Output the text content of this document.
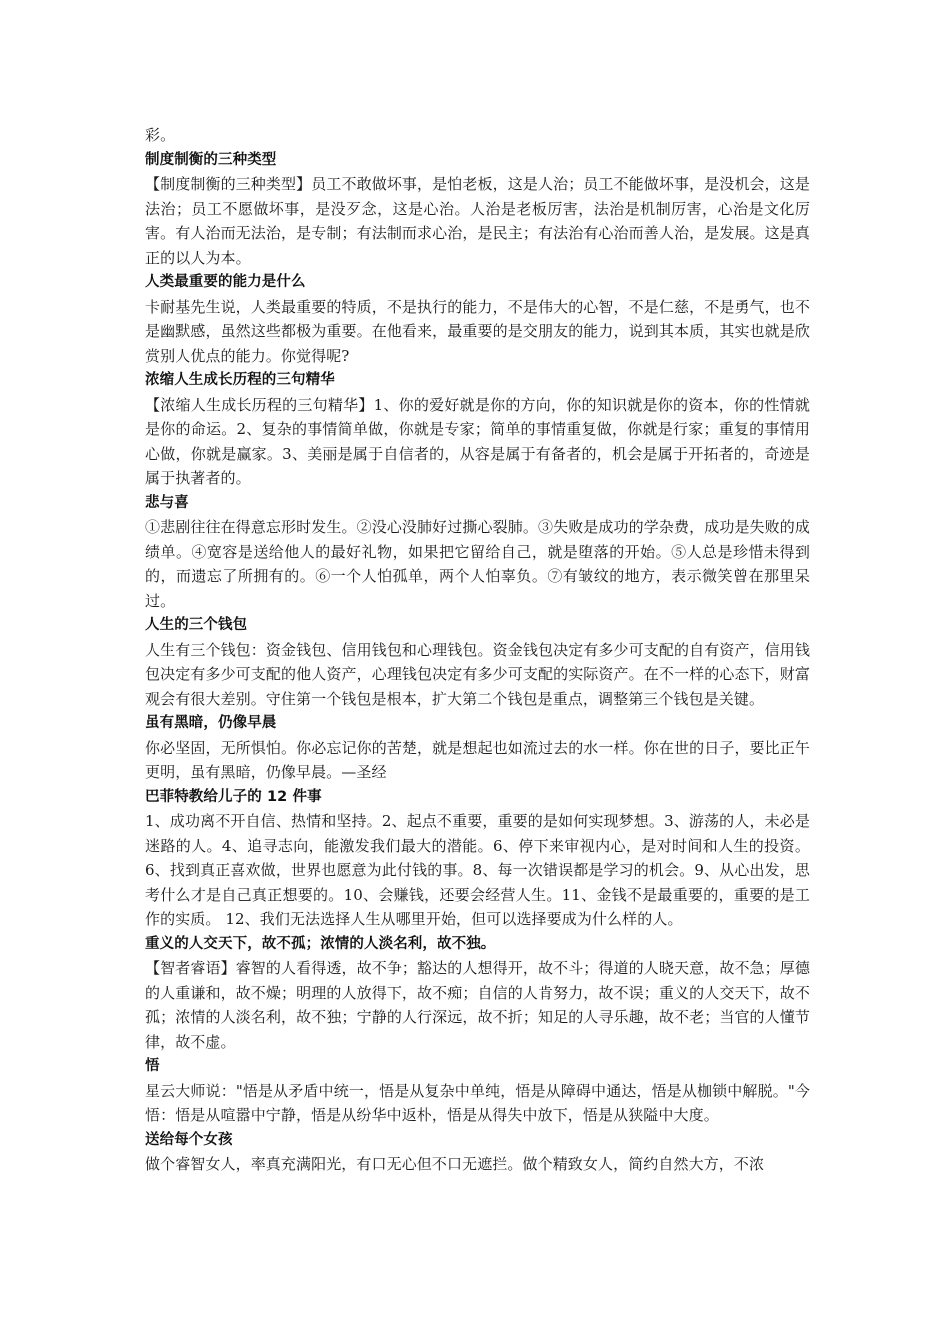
彩。

制度制衡的三种类型

【制度制衡的三种类型】员工不敢做坏事，是怕老板，这是人治；员工不能做坏事，是没机会，这是法治；员工不愿做坏事，是没歹念，这是心治。人治是老板厉害，法治是机制厉害，心治是文化厉害。有人治而无法治，是专制；有法制而求心治，是民主；有法治有心治而善人治，是发展。这是真正的以人为本。

人类最重要的能力是什么

卡耐基先生说，人类最重要的特质，不是执行的能力，不是伟大的心智，不是仁慈，不是勇气，也不是幽默感，虽然这些都极为重要。在他看来，最重要的是交朋友的能力，说到其本质，其实也就是欣赏别人优点的能力。你觉得呢?

浓缩人生成长历程的三句精华

【浓缩人生成长历程的三句精华】1、你的爱好就是你的方向，你的知识就是你的资本，你的性情就是你的命运。2、复杂的事情简单做，你就是专家；简单的事情重复做，你就是行家；重复的事情用心做，你就是赢家。3、美丽是属于自信者的，从容是属于有备者的，机会是属于开拓者的，奇迹是属于执著者的。

悲与喜

①悲剧往往在得意忘形时发生。②没心没肺好过撕心裂肺。③失败是成功的学杂费，成功是失败的成绩单。④宽容是送给他人的最好礼物，如果把它留给自己，就是堕落的开始。⑤人总是珍惜未得到的，而遗忘了所拥有的。⑥一个人怕孤单，两个人怕辜负。⑦有皱纹的地方，表示微笑曾在那里呆过。

人生的三个钱包

人生有三个钱包：资金钱包、信用钱包和心理钱包。资金钱包决定有多少可支配的自有资产，信用钱包决定有多少可支配的他人资产，心理钱包决定有多少可支配的实际资产。在不一样的心态下，财富观会有很大差别。守住第一个钱包是根本，扩大第二个钱包是重点，调整第三个钱包是关键。

虽有黑暗，仍像早晨

你必坚固，无所惧怕。你必忘记你的苦楚，就是想起也如流过去的水一样。你在世的日子，要比正午更明，虽有黑暗，仍像早晨。—圣经

巴菲特教给儿子的 12 件事

1、成功离不开自信、热情和坚持。2、起点不重要，重要的是如何实现梦想。3、游荡的人，未必是迷路的人。4、追寻志向，能激发我们最大的潜能。6、停下来审视内心，是对时间和人生的投资。6、找到真正喜欢做，世界也愿意为此付钱的事。8、每一次错误都是学习的机会。9、从心出发，思考什么才是自己真正想要的。10、会赚钱，还要会经营人生。11、金钱不是最重要的，重要的是工作的实质。 12、我们无法选择人生从哪里开始，但可以选择要成为什么样的人。

重义的人交天下，故不孤；浓情的人淡名利，故不独。

【智者睿语】睿智的人看得透，故不争；豁达的人想得开，故不斗；得道的人晓天意，故不急；厚德的人重谦和，故不燥；明理的人放得下，故不痴；自信的人肯努力，故不误；重义的人交天下，故不孤；浓情的人淡名利，故不独；宁静的人行深远，故不折；知足的人寻乐趣，故不老；当官的人懂节律，故不虚。

悟

星云大师说："悟是从矛盾中统一，悟是从复杂中单纯，悟是从障碍中通达，悟是从枷锁中解脱。"今悟：悟是从喧嚣中宁静，悟是从纷华中返朴，悟是从得失中放下，悟是从狭隘中大度。

送给每个女孩

做个睿智女人，率真充满阳光，有口无心但不口无遮拦。做个精致女人，简约自然大方，不浓
